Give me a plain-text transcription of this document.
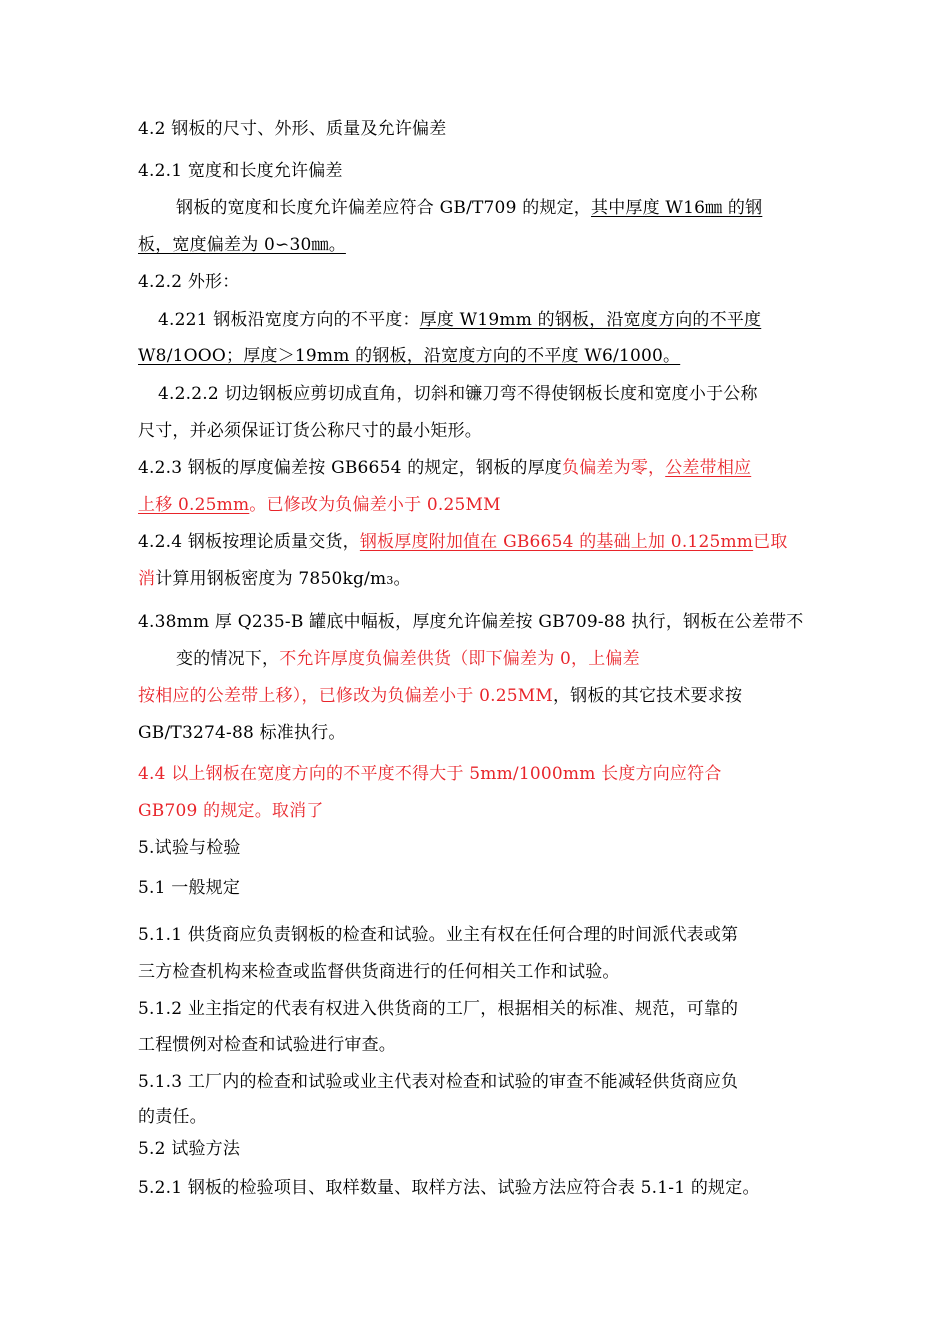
4.2 钢板的尺寸、外形、质量及允许偏差
4.2.1 宽度和长度允许偏差
钢板的宽度和长度允许偏差应符合 GB/T709 的规定，其中厚度 W16㎜ 的钢
板，宽度偏差为 0∽30㎜。
4.2.2 外形：
4.221 钢板沿宽度方向的不平度：厚度 W19mm 的钢板，沿宽度方向的不平度
W8/1OOO；厚度＞19mm 的钢板，沿宽度方向的不平度 W6/1000。
4.2.2.2 切边钢板应剪切成直角，切斜和镰刀弯不得使钢板长度和宽度小于公称
尺寸，并必须保证订货公称尺寸的最小矩形。
4.2.3 钢板的厚度偏差按 GB6654 的规定，钢板的厚度负偏差为零，公差带相应
上移 0.25mm。已修改为负偏差小于 0.25MM
4.2.4 钢板按理论质量交货，钢板厚度附加值在 GB6654 的基础上加 0.125mm已取
消计算用钢板密度为 7850kg/m3。
4.38mm 厚 Q235-B 罐底中幅板，厚度允许偏差按 GB709-88 执行，钢板在公差带不
变的情况下，不允许厚度负偏差供货（即下偏差为 0，上偏差
按相应的公差带上移），已修改为负偏差小于 0.25MM，钢板的其它技术要求按
GB/T3274-88 标准执行。
4.4 以上钢板在宽度方向的不平度不得大于 5mm/1000mm 长度方向应符合
GB709 的规定。取消了
5.试验与检验
5.1 一般规定
5.1.1 供货商应负责钢板的检查和试验。业主有权在任何合理的时间派代表或第
三方检查机构来检查或监督供货商进行的任何相关工作和试验。
5.1.2 业主指定的代表有权进入供货商的工厂，根据相关的标准、规范，可靠的
工程惯例对检查和试验进行审查。
5.1.3 工厂内的检查和试验或业主代表对检查和试验的审查不能减轻供货商应负
的责任。
5.2 试验方法
5.2.1 钢板的检验项目、取样数量、取样方法、试验方法应符合表 5.1-1 的规定。
